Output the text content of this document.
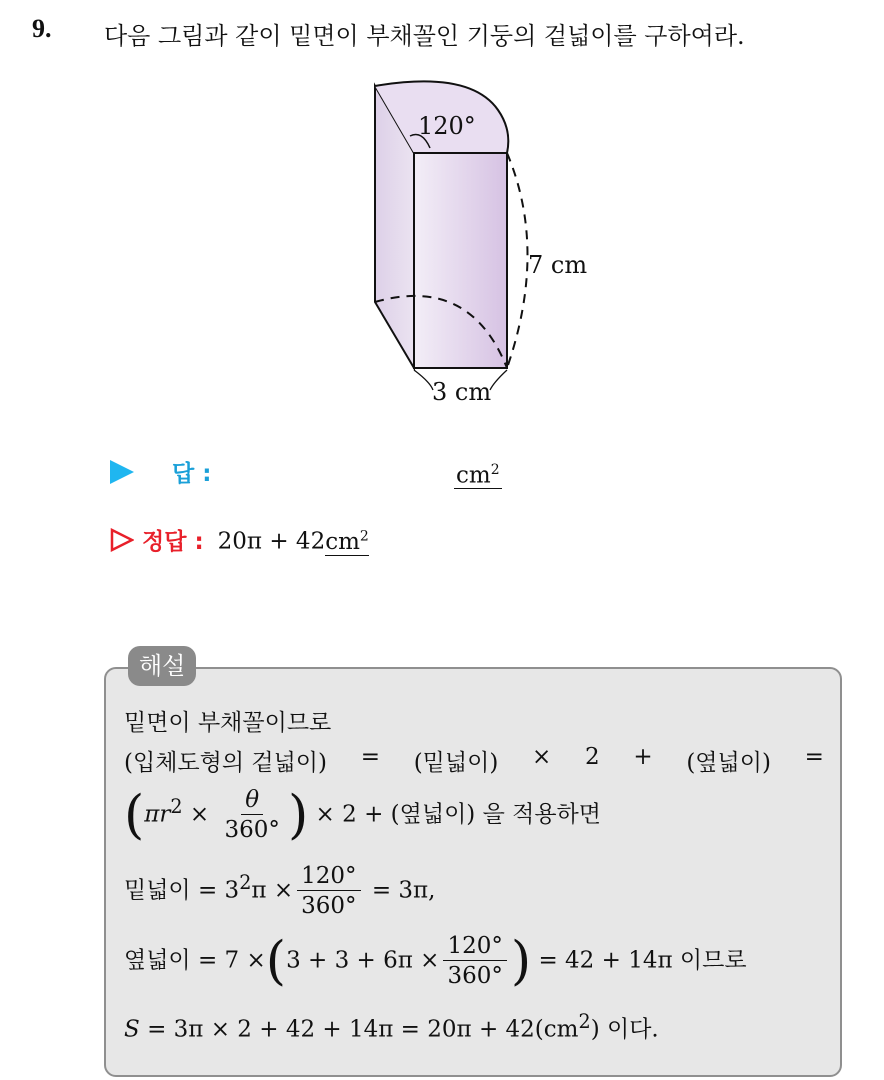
9. 다음 그림과 같이 밑면이 부채꼴인 기둥의 겉넓이를 구하여라.
120°
7 cm
3 cm
답 :	$cm^2$
정답 : $20\pi + 42cm^2$
해설
밑면이 부채꼴이므로
(입체도형의 겉넓이) = (밑넓이) × 2 + (옆넓이) =
($\pi r^2 \times \frac{\theta}{360^\circ}$ ) × 2 + (옆넓이) 을 적용하면
밑넓이 = $3^2\pi \times \frac{120^\circ}{360^\circ} = 3\pi$,
옆넓이 = $7 \times(3 + 3 + 6\pi \times \frac{120^\circ}{360^\circ}$ ) = 42 + 14π 이므로
$S = 3\pi \times 2 + 42 + 14\pi = 20\pi + 42(cm^2)$ 이다.
